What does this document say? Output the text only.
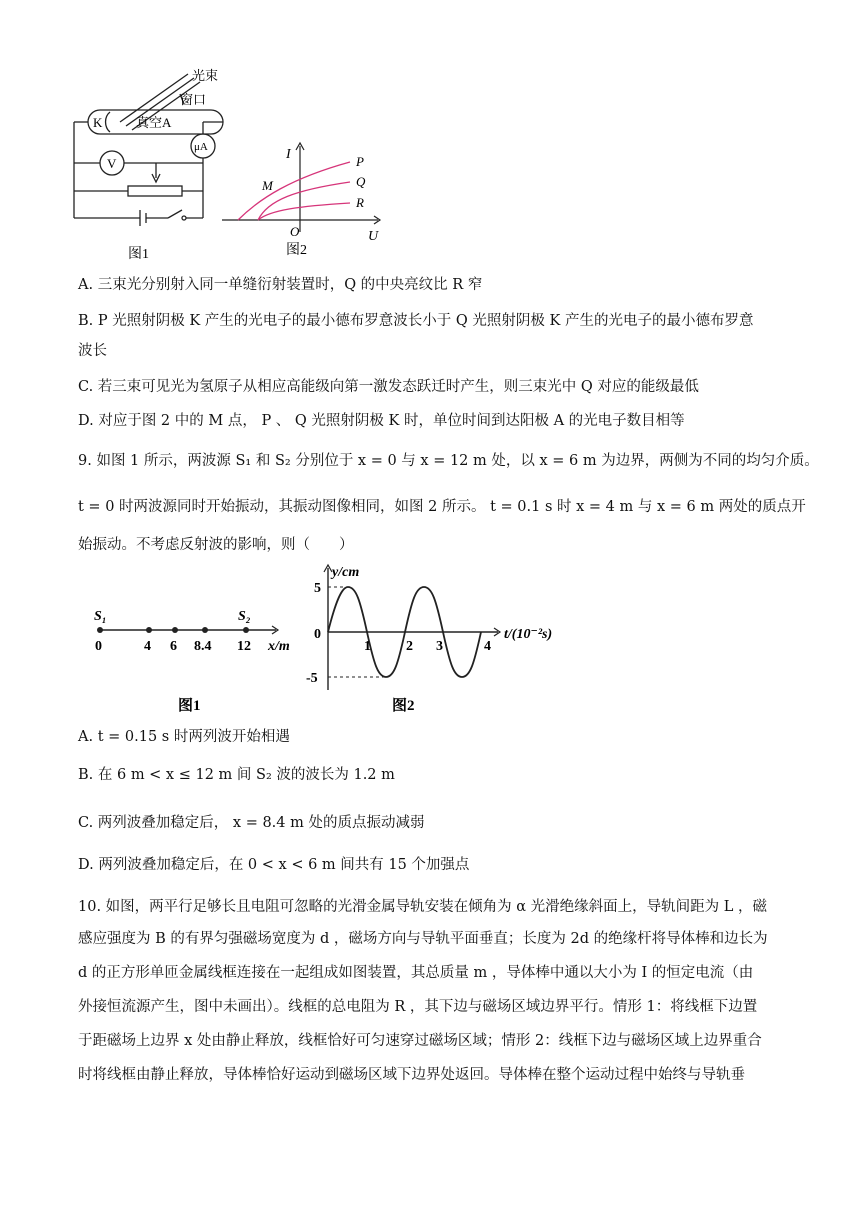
光束
窗口
K	真空A
V
μA
图1
I
U
O
M
P
Q
R
图2
A. 三束光分别射入同一单缝衍射装置时，Q 的中央亮纹比 R 窄
B. P 光照射阴极 K 产生的光电子的最小德布罗意波长小于 Q 光照射阴极 K 产生的光电子的最小德布罗意
波长
C. 若三束可见光为氢原子从相应高能级向第一激发态跃迁时产生，则三束光中 Q 对应的能级最低
D. 对应于图 2 中的 M 点， P 、 Q 光照射阴极 K 时，单位时间到达阳极 A 的光电子数目相等
9. 如图 1 所示，两波源 S₁ 和 S₂ 分别位于 x = 0 与 x = 12 m 处，以 x = 6 m 为边界，两侧为不同的均匀介质。
t = 0 时两波源同时开始振动，其振动图像相同，如图 2 所示。 t = 0.1 s 时 x = 4 m 与 x = 6 m 两处的质点开
始振动。不考虑反射波的影响，则（　　）
S₁	S₂
0	4 6 8.4 12 x/m
图1
y/cm
t/(10⁻²s)
5
0
-5
1	2 3	4
图2
A. t = 0.15 s 时两列波开始相遇
B. 在 6 m < x ≤ 12 m 间 S₂ 波的波长为 1.2 m
C. 两列波叠加稳定后， x = 8.4 m 处的质点振动减弱
D. 两列波叠加稳定后，在 0 < x < 6 m 间共有 15 个加强点
10. 如图，两平行足够长且电阻可忽略的光滑金属导轨安装在倾角为 α 光滑绝缘斜面上，导轨间距为 L ，磁
感应强度为 B 的有界匀强磁场宽度为 d ，磁场方向与导轨平面垂直；长度为 2d 的绝缘杆将导体棒和边长为
d 的正方形单匝金属线框连接在一起组成如图装置，其总质量 m ，导体棒中通以大小为 I 的恒定电流（由
外接恒流源产生，图中未画出）。线框的总电阻为 R ，其下边与磁场区域边界平行。情形 1：将线框下边置
于距磁场上边界 x 处由静止释放，线框恰好可匀速穿过磁场区域；情形 2：线框下边与磁场区域上边界重合
时将线框由静止释放，导体棒恰好运动到磁场区域下边界处返回。导体棒在整个运动过程中始终与导轨垂
